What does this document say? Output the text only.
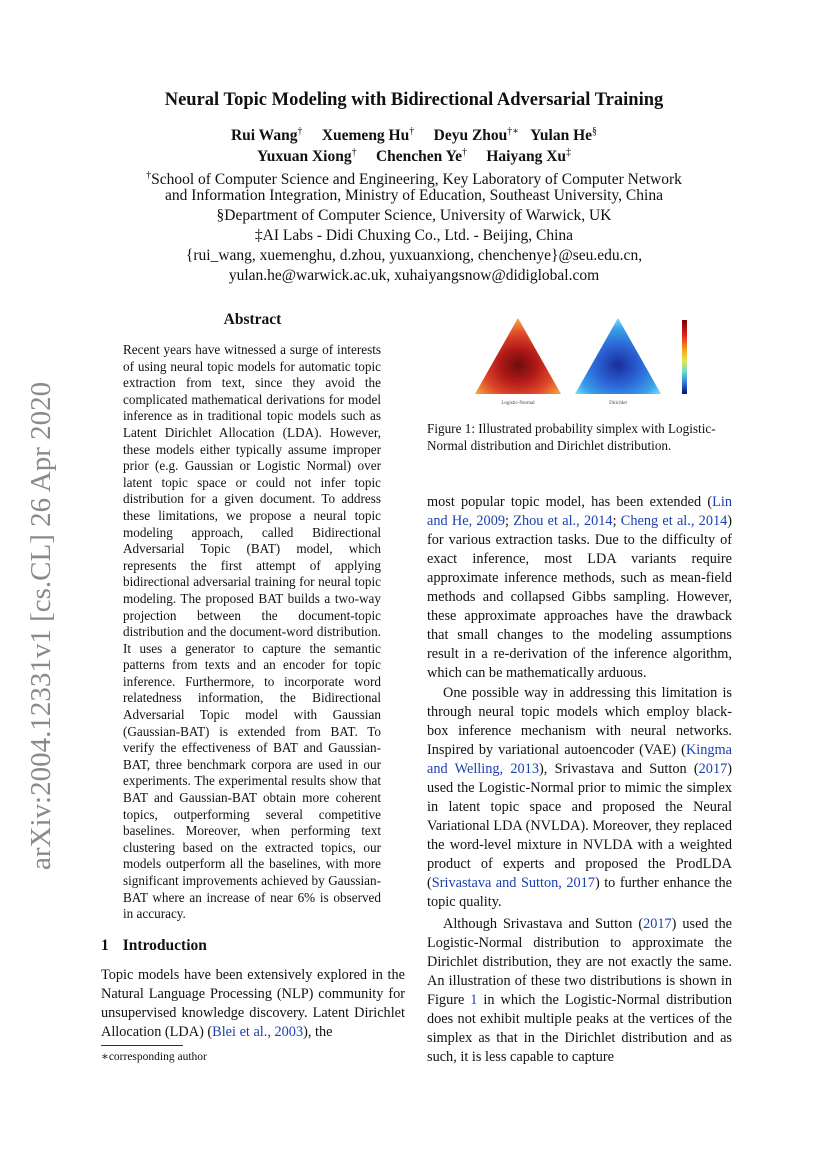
arXiv:2004.12331v1 [cs.CL] 26 Apr 2020
Neural Topic Modeling with Bidirectional Adversarial Training
Rui Wang† Xuemeng Hu† Deyu Zhou†∗ Yulan He§
Yuxuan Xiong† Chenchen Ye† Haiyang Xu‡
†School of Computer Science and Engineering, Key Laboratory of Computer Network
and Information Integration, Ministry of Education, Southeast University, China
§Department of Computer Science, University of Warwick, UK
‡AI Labs - Didi Chuxing Co., Ltd. - Beijing, China
{rui_wang, xuemenghu, d.zhou, yuxuanxiong, chenchenye}@seu.edu.cn,
yulan.he@warwick.ac.uk, xuhaiyangsnow@didiglobal.com
Abstract
Recent years have witnessed a surge of interests of using neural topic models for automatic topic extraction from text, since they avoid the complicated mathematical derivations for model inference as in traditional topic models such as Latent Dirichlet Allocation (LDA). However, these models either typically assume improper prior (e.g. Gaussian or Logistic Normal) over latent topic space or could not infer topic distribution for a given document. To address these limitations, we propose a neural topic modeling approach, called Bidirectional Adversarial Topic (BAT) model, which represents the first attempt of applying bidirectional adversarial training for neural topic modeling. The proposed BAT builds a two-way projection between the document-topic distribution and the document-word distribution. It uses a generator to capture the semantic patterns from texts and an encoder for topic inference. Furthermore, to incorporate word relatedness information, the Bidirectional Adversarial Topic model with Gaussian (Gaussian-BAT) is extended from BAT. To verify the effectiveness of BAT and Gaussian-BAT, three benchmark corpora are used in our experiments. The experimental results show that BAT and Gaussian-BAT obtain more coherent topics, outperforming several competitive baselines. Moreover, when performing text clustering based on the extracted topics, our models outperform all the baselines, with more significant improvements achieved by Gaussian-BAT where an increase of near 6% is observed in accuracy.
1 Introduction
Topic models have been extensively explored in the Natural Language Processing (NLP) community for unsupervised knowledge discovery. Latent Dirichlet Allocation (LDA) (Blei et al., 2003), the
∗corresponding author
Logistic-Normal	Dirichlet
Figure 1: Illustrated probability simplex with Logistic-Normal distribution and Dirichlet distribution.

most popular topic model, has been extended (Lin and He, 2009; Zhou et al., 2014; Cheng et al., 2014) for various extraction tasks. Due to the difficulty of exact inference, most LDA variants require approximate inference methods, such as mean-field methods and collapsed Gibbs sampling. However, these approximate approaches have the drawback that small changes to the modeling assumptions result in a re-derivation of the inference algorithm, which can be mathematically arduous.

One possible way in addressing this limitation is through neural topic models which employ black-box inference mechanism with neural networks. Inspired by variational autoencoder (VAE) (Kingma and Welling, 2013), Srivastava and Sutton (2017) used the Logistic-Normal prior to mimic the simplex in latent topic space and proposed the Neural Variational LDA (NVLDA). Moreover, they replaced the word-level mixture in NVLDA with a weighted product of experts and proposed the ProdLDA (Srivastava and Sutton, 2017) to further enhance the topic quality.

Although Srivastava and Sutton (2017) used the Logistic-Normal distribution to approximate the Dirichlet distribution, they are not exactly the same. An illustration of these two distributions is shown in Figure 1 in which the Logistic-Normal distribution does not exhibit multiple peaks at the vertices of the simplex as that in the Dirichlet distribution and as such, it is less capable to capture
